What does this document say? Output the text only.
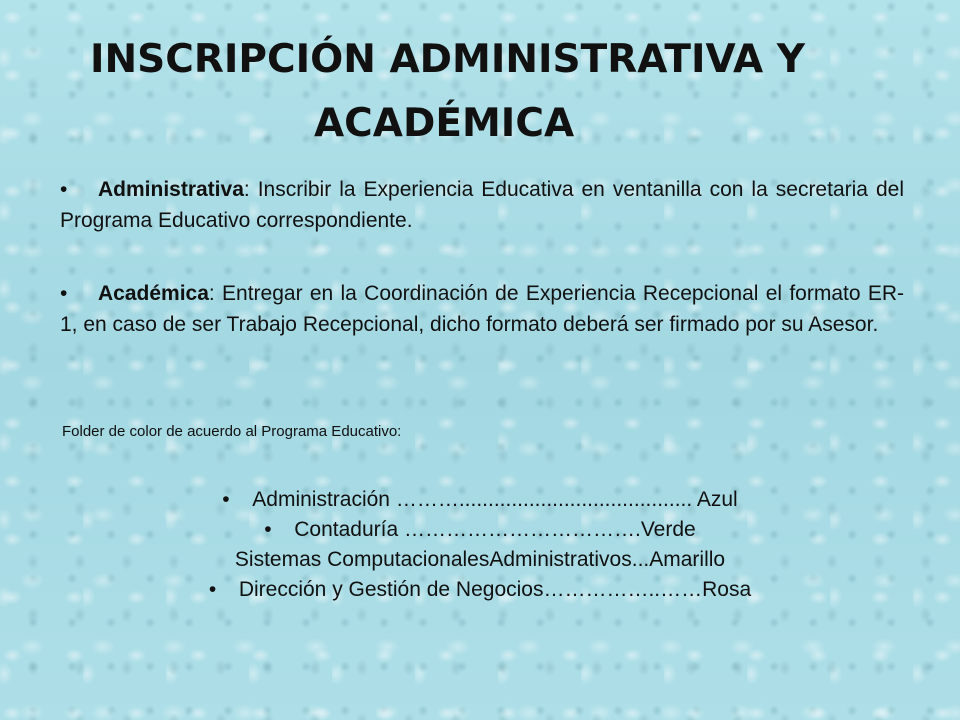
INSCRIPCIÓN ADMINISTRATIVA Y
ACADÉMICA

• Administrativa: Inscribir la Experiencia Educativa en ventanilla con la secretaria del Programa Educativo correspondiente.

• Académica: Entregar en la Coordinación de Experiencia Recepcional el formato ER-1, en caso de ser Trabajo Recepcional, dicho formato deberá ser firmado por su Asesor.

Folder de color de acuerdo al Programa Educativo:

• Administración ………........................................ Azul
• Contaduría …………………………….Verde
Sistemas ComputacionalesAdministrativos...Amarillo
• Dirección y Gestión de Negocios……………..……Rosa
